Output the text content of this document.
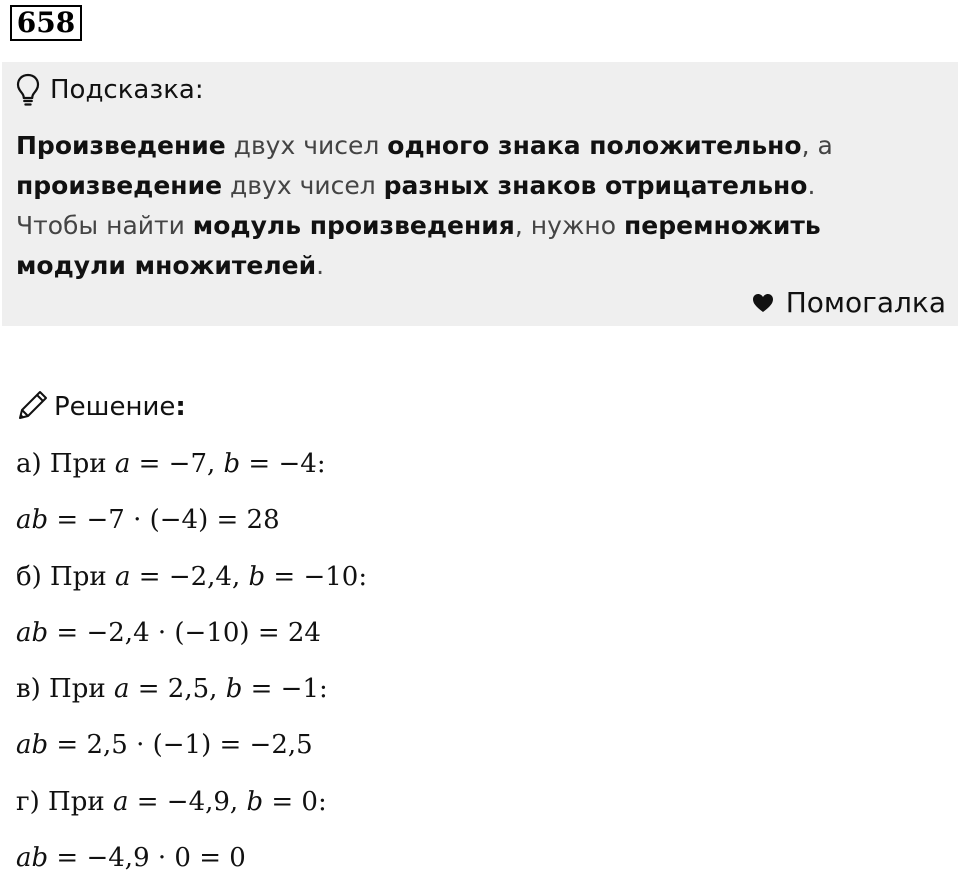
658
Подсказка:
Произведение двух чисел одного знака положительно, а
произведение двух чисел разных знаков отрицательно.
Чтобы найти модуль произведения, нужно перемножить модули множителей.
Помогалка
Решение:
а) При a = −7, b = −4:
ab = −7 · (−4) = 28
б) При a = −2,4, b = −10:
ab = −2,4 · (−10) = 24
в) При a = 2,5, b = −1:
ab = 2,5 · (−1) = −2,5
г) При a = −4,9, b = 0:
ab = −4,9 · 0 = 0
